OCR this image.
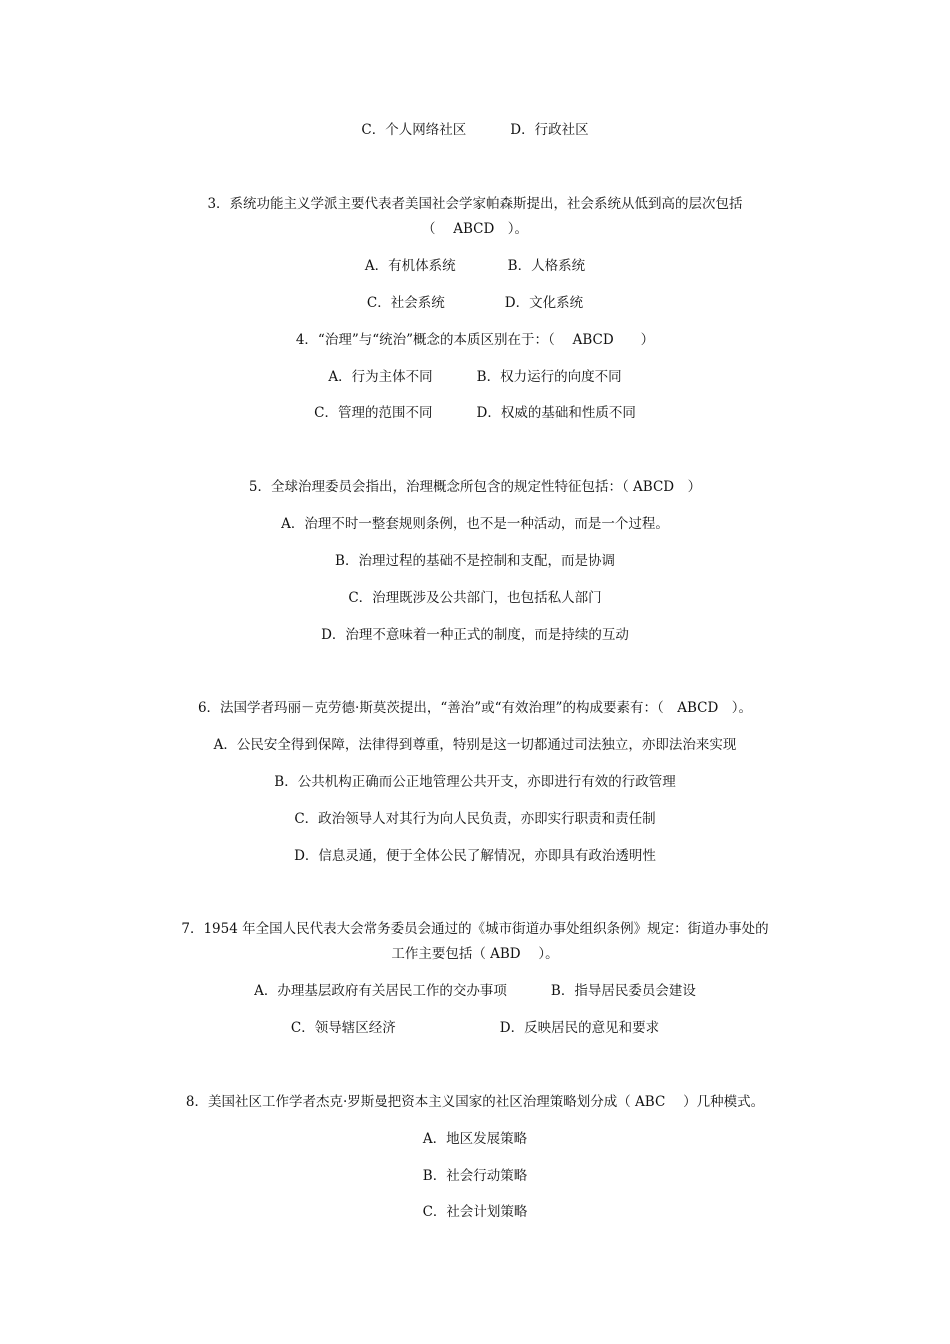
C．个人网络社区	D．行政社区
3．系统功能主义学派主要代表者美国社会学家帕森斯提出，社会系统从低到高的层次包括
（　 ABCD　）。
A．有机体系统	B．人格系统
C．社会系统	D．文化系统
4．“治理”与“统治”概念的本质区别在于：（　 ABCD　　）
A．行为主体不同	B．权力运行的向度不同
C．管理的范围不同	D．权威的基础和性质不同
5．全球治理委员会指出，治理概念所包含的规定性特征包括：（ ABCD　）
A．治理不时一整套规则条例，也不是一种活动，而是一个过程。
B．治理过程的基础不是控制和支配，而是协调
C．治理既涉及公共部门，也包括私人部门
D．治理不意味着一种正式的制度，而是持续的互动
6．法国学者玛丽－克劳德·斯莫茨提出，“善治”或“有效治理”的构成要素有：（　ABCD　）。
A．公民安全得到保障，法律得到尊重，特别是这一切都通过司法独立，亦即法治来实现
B．公共机构正确而公正地管理公共开支，亦即进行有效的行政管理
C．政治领导人对其行为向人民负责，亦即实行职责和责任制
D．信息灵通，便于全体公民了解情况，亦即具有政治透明性
7．1954 年全国人民代表大会常务委员会通过的《城市街道办事处组织条例》规定：街道办事处的
工作主要包括（ ABD　 ）。
A．办理基层政府有关居民工作的交办事项	B．指导居民委员会建设
C．领导辖区经济	D．反映居民的意见和要求
8．美国社区工作学者杰克·罗斯曼把资本主义国家的社区治理策略划分成（ ABC　 ）几种模式。
A．地区发展策略
B．社会行动策略
C．社会计划策略
